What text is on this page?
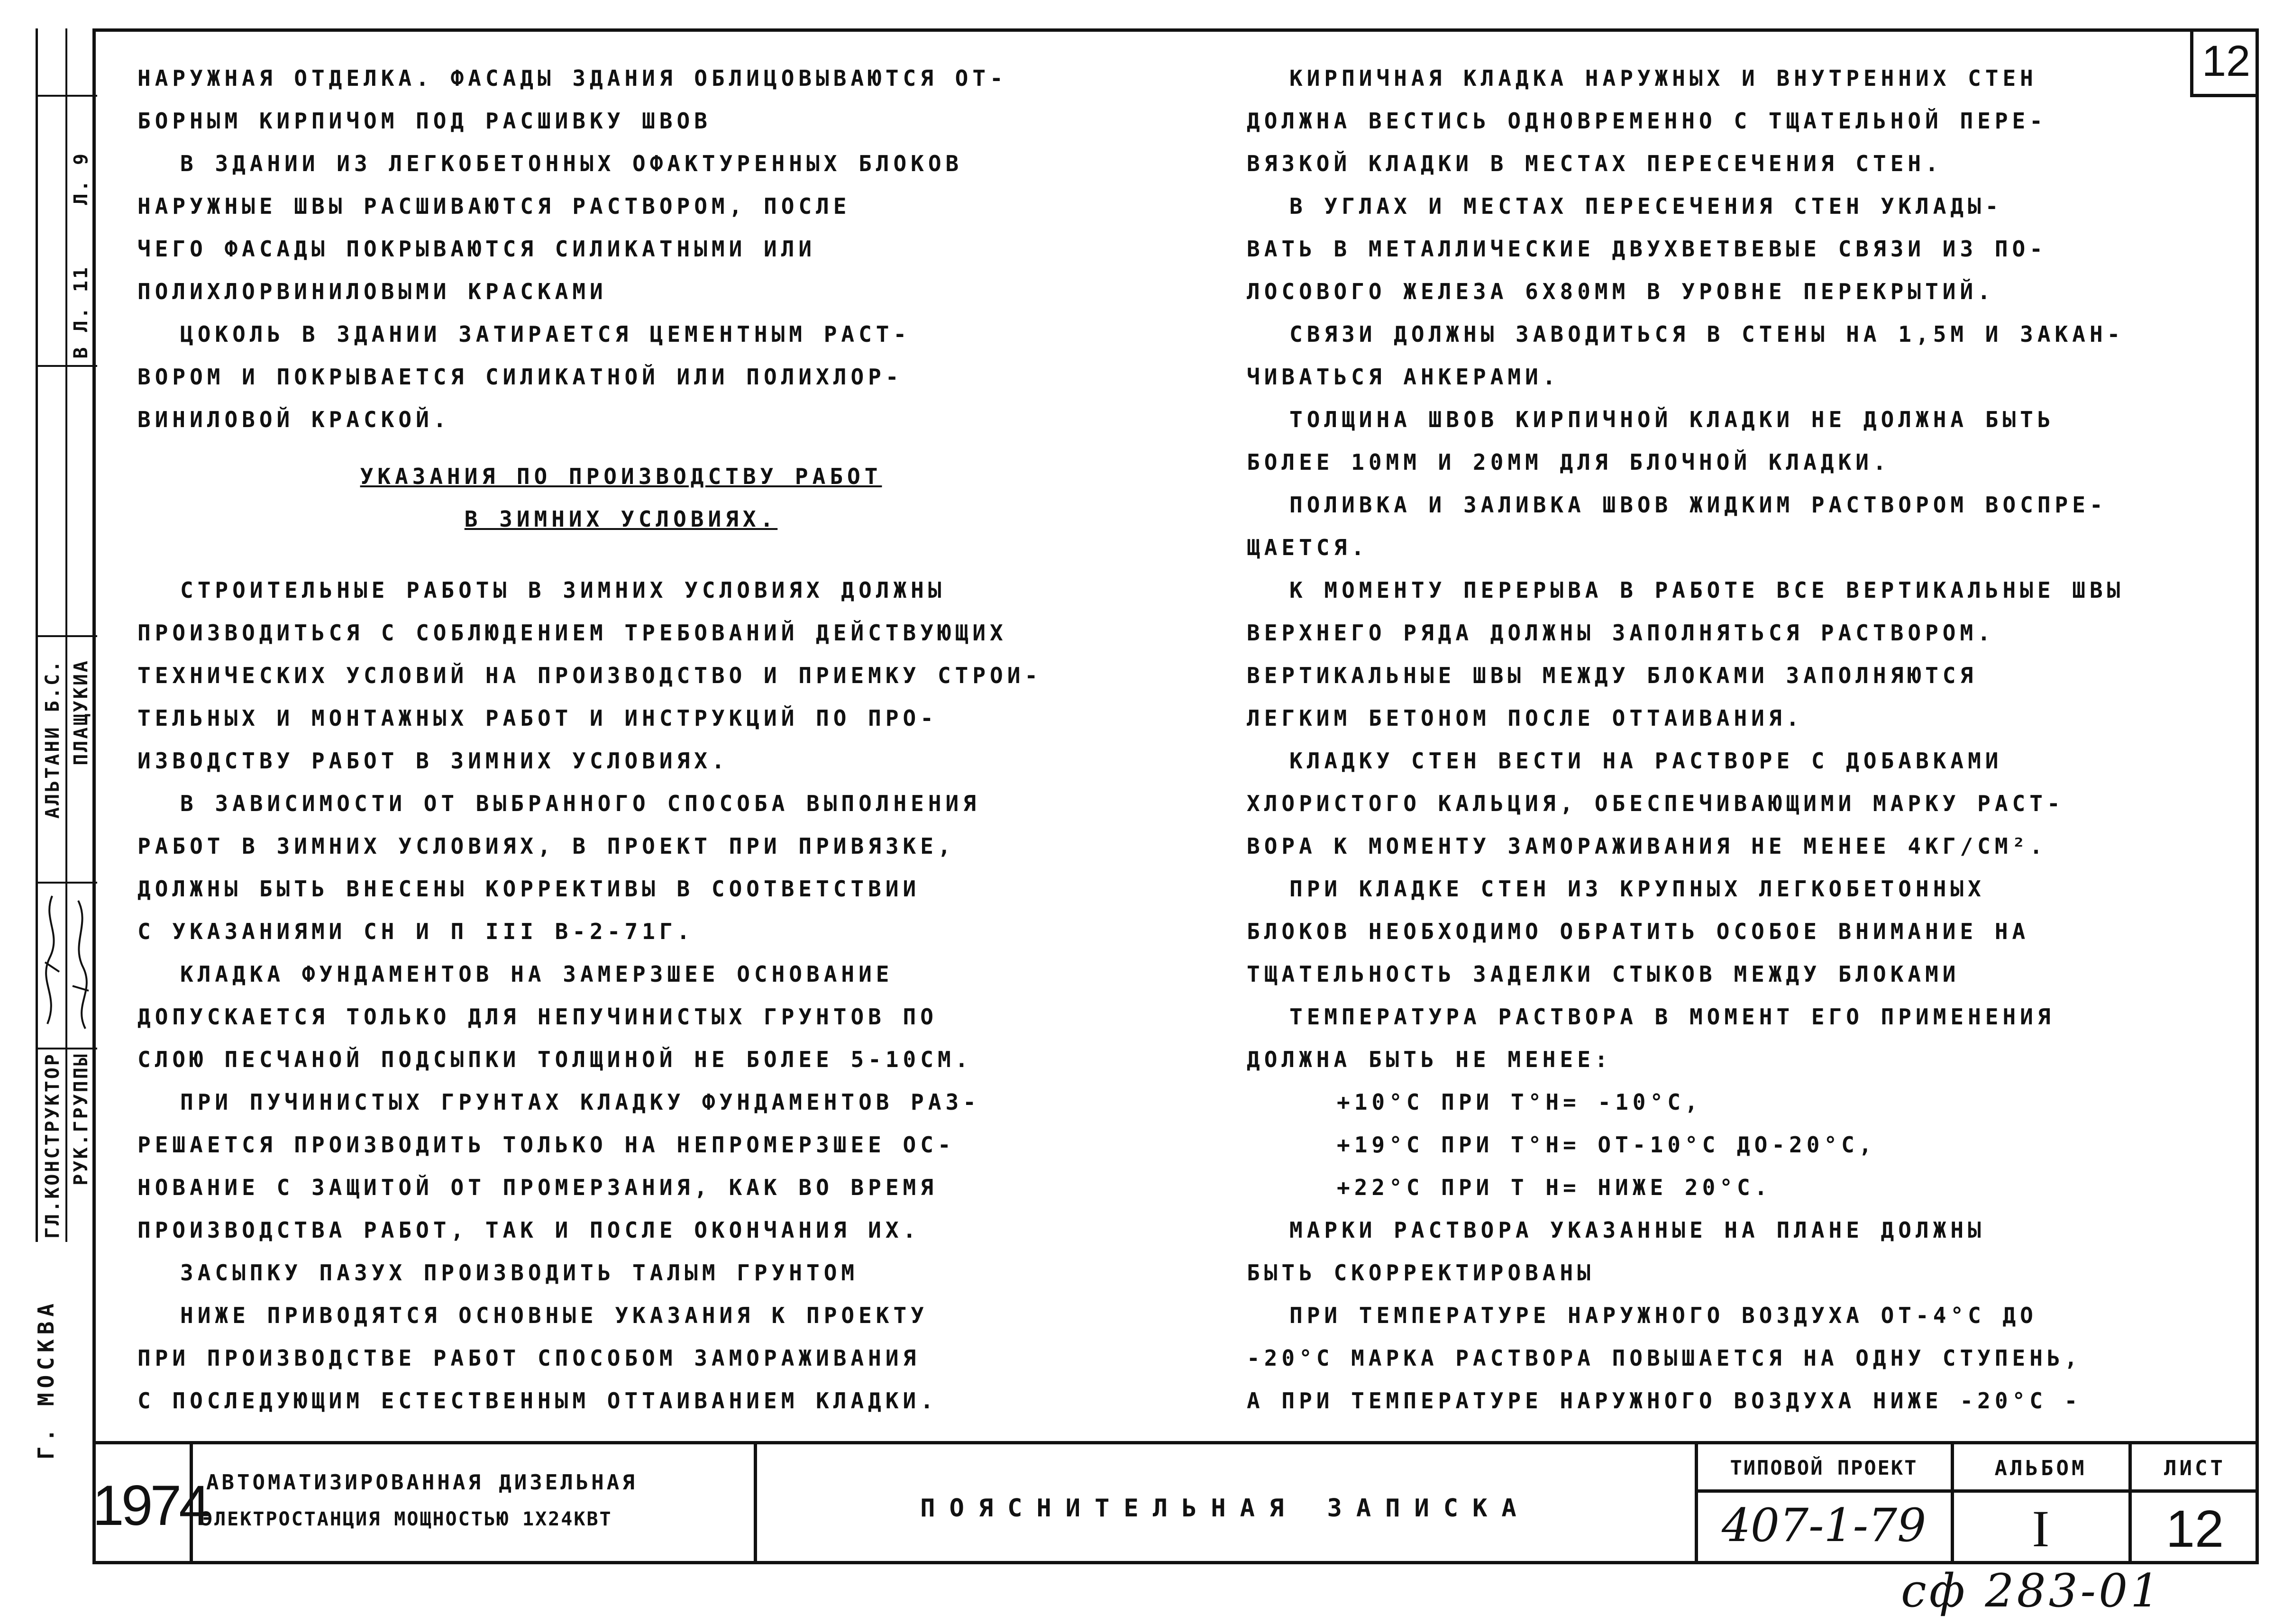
Л. 9
В Л. 11
АЛЬТАНИ Б.С. ПЛАЩУКИА
ГЛ.КОНСТРУКТОР РУК.ГРУППЫ
Г. МОСКВА
12

НАРУЖНАЯ ОТДЕЛКА. ФАСАДЫ ЗДАНИЯ ОБЛИЦОВЫВАЮТСЯ ОТ-

БОРНЫМ КИРПИЧОМ ПОД РАСШИВКУ ШВОВ

В ЗДАНИИ ИЗ ЛЕГКОБЕТОННЫХ ОФАКТУРЕННЫХ БЛОКОВ

НАРУЖНЫЕ ШВЫ РАСШИВАЮТСЯ РАСТВОРОМ, ПОСЛЕ

ЧЕГО ФАСАДЫ ПОКРЫВАЮТСЯ СИЛИКАТНЫМИ ИЛИ

ПОЛИХЛОРВИНИЛОВЫМИ КРАСКАМИ

ЦОКОЛЬ В ЗДАНИИ ЗАТИРАЕТСЯ ЦЕМЕНТНЫМ РАСТ-

ВОРОМ И ПОКРЫВАЕТСЯ СИЛИКАТНОЙ ИЛИ ПОЛИХЛОР-

ВИНИЛОВОЙ КРАСКОЙ.

УКАЗАНИЯ ПО ПРОИЗВОДСТВУ РАБОТ

В ЗИМНИХ УСЛОВИЯХ.

СТРОИТЕЛЬНЫЕ РАБОТЫ В ЗИМНИХ УСЛОВИЯХ ДОЛЖНЫ

ПРОИЗВОДИТЬСЯ С СОБЛЮДЕНИЕМ ТРЕБОВАНИЙ ДЕЙСТВУЮЩИХ

ТЕХНИЧЕСКИХ УСЛОВИЙ НА ПРОИЗВОДСТВО И ПРИЕМКУ СТРОИ-

ТЕЛЬНЫХ И МОНТАЖНЫХ РАБОТ И ИНСТРУКЦИЙ ПО ПРО-

ИЗВОДСТВУ РАБОТ В ЗИМНИХ УСЛОВИЯХ.

В ЗАВИСИМОСТИ ОТ ВЫБРАННОГО СПОСОБА ВЫПОЛНЕНИЯ

РАБОТ В ЗИМНИХ УСЛОВИЯХ, В ПРОЕКТ ПРИ ПРИВЯЗКЕ,

ДОЛЖНЫ БЫТЬ ВНЕСЕНЫ КОРРЕКТИВЫ В СООТВЕТСТВИИ

С УКАЗАНИЯМИ СН И П III В-2-71Г.

КЛАДКА ФУНДАМЕНТОВ НА ЗАМЕРЗШЕЕ ОСНОВАНИЕ

ДОПУСКАЕТСЯ ТОЛЬКО ДЛЯ НЕПУЧИНИСТЫХ ГРУНТОВ ПО

СЛОЮ ПЕСЧАНОЙ ПОДСЫПКИ ТОЛЩИНОЙ НЕ БОЛЕЕ 5-10СМ.

ПРИ ПУЧИНИСТЫХ ГРУНТАХ КЛАДКУ ФУНДАМЕНТОВ РАЗ-

РЕШАЕТСЯ ПРОИЗВОДИТЬ ТОЛЬКО НА НЕПРОМЕРЗШЕЕ ОС-

НОВАНИЕ С ЗАЩИТОЙ ОТ ПРОМЕРЗАНИЯ, КАК ВО ВРЕМЯ

ПРОИЗВОДСТВА РАБОТ, ТАК И ПОСЛЕ ОКОНЧАНИЯ ИХ.

ЗАСЫПКУ ПАЗУХ ПРОИЗВОДИТЬ ТАЛЫМ ГРУНТОМ

НИЖЕ ПРИВОДЯТСЯ ОСНОВНЫЕ УКАЗАНИЯ К ПРОЕКТУ

ПРИ ПРОИЗВОДСТВЕ РАБОТ СПОСОБОМ ЗАМОРАЖИВАНИЯ

С ПОСЛЕДУЮЩИМ ЕСТЕСТВЕННЫМ ОТТАИВАНИЕМ КЛАДКИ.

КИРПИЧНАЯ КЛАДКА НАРУЖНЫХ И ВНУТРЕННИХ СТЕН

ДОЛЖНА ВЕСТИСЬ ОДНОВРЕМЕННО С ТЩАТЕЛЬНОЙ ПЕРЕ-

ВЯЗКОЙ КЛАДКИ В МЕСТАХ ПЕРЕСЕЧЕНИЯ СТЕН.

В УГЛАХ И МЕСТАХ ПЕРЕСЕЧЕНИЯ СТЕН УКЛАДЫ-

ВАТЬ В МЕТАЛЛИЧЕСКИЕ ДВУХВЕТВЕВЫЕ СВЯЗИ ИЗ ПО-

ЛОСОВОГО ЖЕЛЕЗА 6Х80ММ В УРОВНЕ ПЕРЕКРЫТИЙ.

СВЯЗИ ДОЛЖНЫ ЗАВОДИТЬСЯ В СТЕНЫ НА 1,5М И ЗАКАН-

ЧИВАТЬСЯ АНКЕРАМИ.

ТОЛЩИНА ШВОВ КИРПИЧНОЙ КЛАДКИ НЕ ДОЛЖНА БЫТЬ

БОЛЕЕ 10ММ И 20ММ ДЛЯ БЛОЧНОЙ КЛАДКИ.

ПОЛИВКА И ЗАЛИВКА ШВОВ ЖИДКИМ РАСТВОРОМ ВОСПРЕ-

ЩАЕТСЯ.

К МОМЕНТУ ПЕРЕРЫВА В РАБОТЕ ВСЕ ВЕРТИКАЛЬНЫЕ ШВЫ

ВЕРХНЕГО РЯДА ДОЛЖНЫ ЗАПОЛНЯТЬСЯ РАСТВОРОМ.

ВЕРТИКАЛЬНЫЕ ШВЫ МЕЖДУ БЛОКАМИ ЗАПОЛНЯЮТСЯ

ЛЕГКИМ БЕТОНОМ ПОСЛЕ ОТТАИВАНИЯ.

КЛАДКУ СТЕН ВЕСТИ НА РАСТВОРЕ С ДОБАВКАМИ

ХЛОРИСТОГО КАЛЬЦИЯ, ОБЕСПЕЧИВАЮЩИМИ МАРКУ РАСТ-

ВОРА К МОМЕНТУ ЗАМОРАЖИВАНИЯ НЕ МЕНЕЕ 4КГ/СМ².

ПРИ КЛАДКЕ СТЕН ИЗ КРУПНЫХ ЛЕГКОБЕТОННЫХ

БЛОКОВ НЕОБХОДИМО ОБРАТИТЬ ОСОБОЕ ВНИМАНИЕ НА

ТЩАТЕЛЬНОСТЬ ЗАДЕЛКИ СТЫКОВ МЕЖДУ БЛОКАМИ

ТЕМПЕРАТУРА РАСТВОРА В МОМЕНТ ЕГО ПРИМЕНЕНИЯ

ДОЛЖНА БЫТЬ НЕ МЕНЕЕ:

+10°С ПРИ T°Н= -10°С,

+19°С ПРИ T°Н= ОТ-10°С ДО-20°С,

+22°С ПРИ T Н= НИЖЕ 20°С.

МАРКИ РАСТВОРА УКАЗАННЫЕ НА ПЛАНЕ ДОЛЖНЫ

БЫТЬ СКОРРЕКТИРОВАНЫ

ПРИ ТЕМПЕРАТУРЕ НАРУЖНОГО ВОЗДУХА ОТ-4°С ДО

-20°С МАРКА РАСТВОРА ПОВЫШАЕТСЯ НА ОДНУ СТУПЕНЬ,

А ПРИ ТЕМПЕРАТУРЕ НАРУЖНОГО ВОЗДУХА НИЖЕ -20°С -

1974
АВТОМАТИЗИРОВАННАЯ ДИЗЕЛЬНАЯ
ЭЛЕКТРОСТАНЦИЯ МОЩНОСТЬЮ 1Х24КВТ	ПОЯСНИТЕЛЬНАЯ ЗАПИСКА
ТИПОВОЙ ПРОЕКТ
407-1-79
АЛЬБОМ
I
ЛИСТ
12
сф 283-01
